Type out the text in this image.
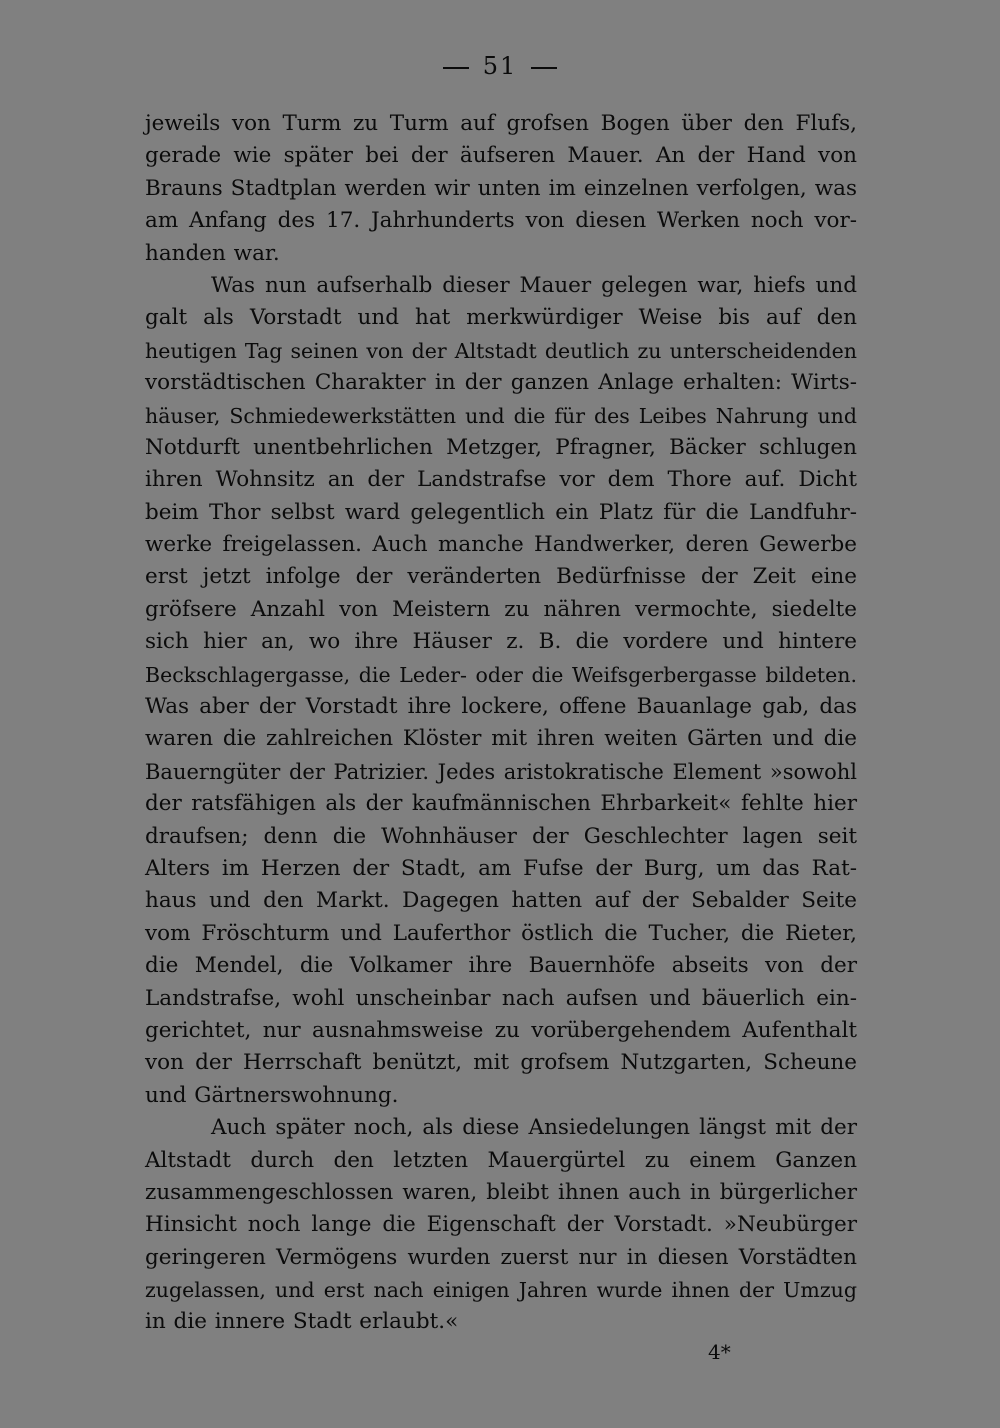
51
jeweils von Turm zu Turm auf grofsen Bogen über den Flufs,
gerade wie später bei der äufseren Mauer. An der Hand von
Brauns Stadtplan werden wir unten im einzelnen verfolgen, was
am Anfang des 17. Jahrhunderts von diesen Werken noch vor-
handen war.
Was nun aufserhalb dieser Mauer gelegen war, hiefs und
galt als Vorstadt und hat merkwürdiger Weise bis auf den
heutigen Tag seinen von der Altstadt deutlich zu unterscheidenden
vorstädtischen Charakter in der ganzen Anlage erhalten: Wirts-
häuser, Schmiedewerkstätten und die für des Leibes Nahrung und
Notdurft unentbehrlichen Metzger, Pfragner, Bäcker schlugen
ihren Wohnsitz an der Landstrafse vor dem Thore auf. Dicht
beim Thor selbst ward gelegentlich ein Platz für die Landfuhr-
werke freigelassen. Auch manche Handwerker, deren Gewerbe
erst jetzt infolge der veränderten Bedürfnisse der Zeit eine
gröfsere Anzahl von Meistern zu nähren vermochte, siedelte
sich hier an, wo ihre Häuser z. B. die vordere und hintere
Beckschlagergasse, die Leder- oder die Weifsgerbergasse bildeten.
Was aber der Vorstadt ihre lockere, offene Bauanlage gab, das
waren die zahlreichen Klöster mit ihren weiten Gärten und die
Bauerngüter der Patrizier. Jedes aristokratische Element »sowohl
der ratsfähigen als der kaufmännischen Ehrbarkeit« fehlte hier
draufsen; denn die Wohnhäuser der Geschlechter lagen seit
Alters im Herzen der Stadt, am Fufse der Burg, um das Rat-
haus und den Markt. Dagegen hatten auf der Sebalder Seite
vom Fröschturm und Lauferthor östlich die Tucher, die Rieter,
die Mendel, die Volkamer ihre Bauernhöfe abseits von der
Landstrafse, wohl unscheinbar nach aufsen und bäuerlich ein-
gerichtet, nur ausnahmsweise zu vorübergehendem Aufenthalt
von der Herrschaft benützt, mit grofsem Nutzgarten, Scheune
und Gärtnerswohnung.
Auch später noch, als diese Ansiedelungen längst mit der
Altstadt durch den letzten Mauergürtel zu einem Ganzen
zusammengeschlossen waren, bleibt ihnen auch in bürgerlicher
Hinsicht noch lange die Eigenschaft der Vorstadt. »Neubürger
geringeren Vermögens wurden zuerst nur in diesen Vorstädten
zugelassen, und erst nach einigen Jahren wurde ihnen der Umzug
in die innere Stadt erlaubt.«
4*
